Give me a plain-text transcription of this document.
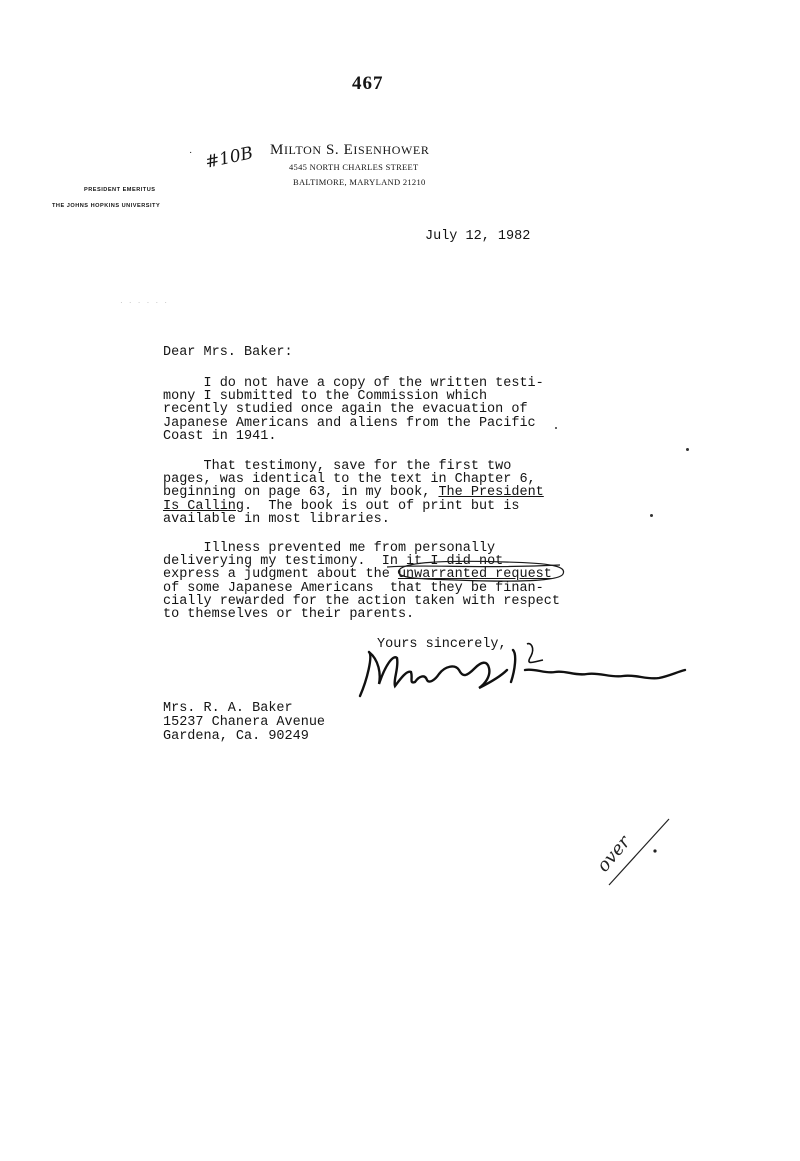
467
· #10B MILTON S. EISENHOWER
4545 NORTH CHARLES STREET
BALTIMORE, MARYLAND 21210
PRESIDENT EMERITUS
THE JOHNS HOPKINS UNIVERSITY
July 12, 1982
· · · · · ·
Dear Mrs. Baker:
I do not have a copy of the written testi-
mony I submitted to the Commission which
recently studied once again the evacuation of
Japanese Americans and aliens from the Pacific
Coast in 1941.
That testimony, save for the first two
pages, was identical to the text in Chapter 6,
beginning on page 63, in my book, The President
Is Calling.  The book is out of print but is
available in most libraries.
Illness prevented me from personally
deliverying my testimony.  In it I did not
express a judgment about the unwarranted request
of some Japanese Americans  that they be finan-
cially rewarded for the action taken with respect
to themselves or their parents.
Yours sincerely,
Mrs. R. A. Baker
15237 Chanera Avenue
Gardena, Ca. 90249
over
